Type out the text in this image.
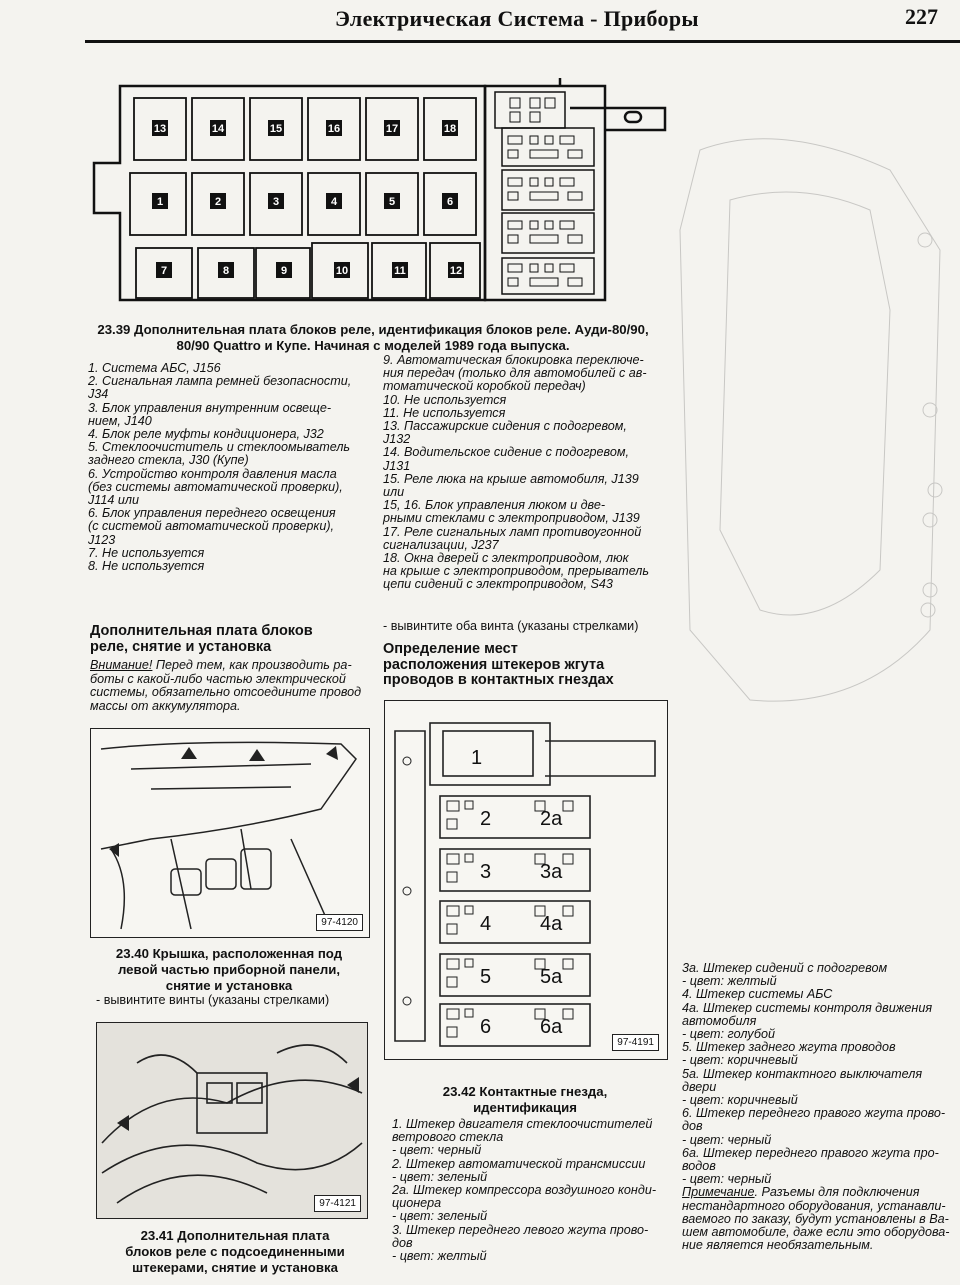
Электрическая Система - Приборы	227
13	14	15	16	17	18
1	2	3	4	5	6
7	8	9	10	11	12
23.39 Дополнительная плата блоков реле, идентификация блоков реле. Ауди-80/90, 80/90 Quattro и Купе. Начиная с моделей 1989 года выпуска.
1. Система АБС, J156
2. Сигнальная лампа ремней безопасности,
J34
3. Блок управления внутренним освеще-
нием, J140
4. Блок реле муфты кондиционера, J32
5. Стеклоочиститель и стеклоомыватель
заднего стекла, J30 (Купе)
6. Устройство контроля давления масла
(без системы автоматической проверки),
J114 или
6. Блок управления переднего освещения
(с системой автоматической проверки),
J123
7. Не используется
8. Не используется
9. Автоматическая блокировка переключе-
ния передач (только для автомобилей с ав-
томатической коробкой передач)
10. Не используется
11. Не используется
13. Пассажирские сидения с подогревом,
J132
14. Водительское сидение с подогревом,
J131
15. Реле люка на крыше автомобиля, J139
или
15, 16. Блок управления люком и две-
рными стеклами с электроприводом, J139
17. Реле сигнальных ламп противоугонной
сигнализации, J237
18. Окна дверей с электроприводом, люк
на крыше с электроприводом, прерыватель
цепи сидений с электроприводом, S43
Дополнительная плата блоков
реле, снятие и установка
Внимание! Перед тем, как производить ра-
боты с какой-либо частью электрической
системы, обязательно отсоедините провод
массы от аккумулятора.
97-4120
23.40 Крышка, расположенная под
левой частью приборной панели,
снятие и установка
- вывинтите винты (указаны стрелками)
97-4121
23.41 Дополнительная плата
блоков реле с подсоединенными
штекерами, снятие и установка
- вывинтите оба винта (указаны стрелками)
Определение мест
расположения штекеров жгута
проводов в контактных гнездах
1
2
3
4
5
6
2a
3a
4a
5a
6a
97-4191
23.42 Контактные гнезда,
идентификация
1. Штекер двигателя стеклоочистителей
ветрового стекла
- цвет: черный
2. Штекер автоматической трансмиссии
- цвет: зеленый
2a. Штекер компрессора воздушного конди-
ционера
- цвет: зеленый
3. Штекер переднего левого жгута прово-
дов
- цвет: желтый
3a. Штекер сидений с подогревом
- цвет: желтый
4. Штекер системы АБС
4a. Штекер системы контроля движения
автомобиля
- цвет: голубой
5. Штекер заднего жгута проводов
- цвет: коричневый
5a. Штекер контактного выключателя
двери
- цвет: коричневый
6. Штекер переднего правого жгута прово-
дов
- цвет: черный
6a. Штекер переднего правого жгута про-
водов
- цвет: черный
Примечание. Разъемы для подключения
нестандартного оборудования, устанавли-
ваемого по заказу, будут установлены в Ва-
шем автомобиле, даже если это оборудова-
ние является необязательным.
